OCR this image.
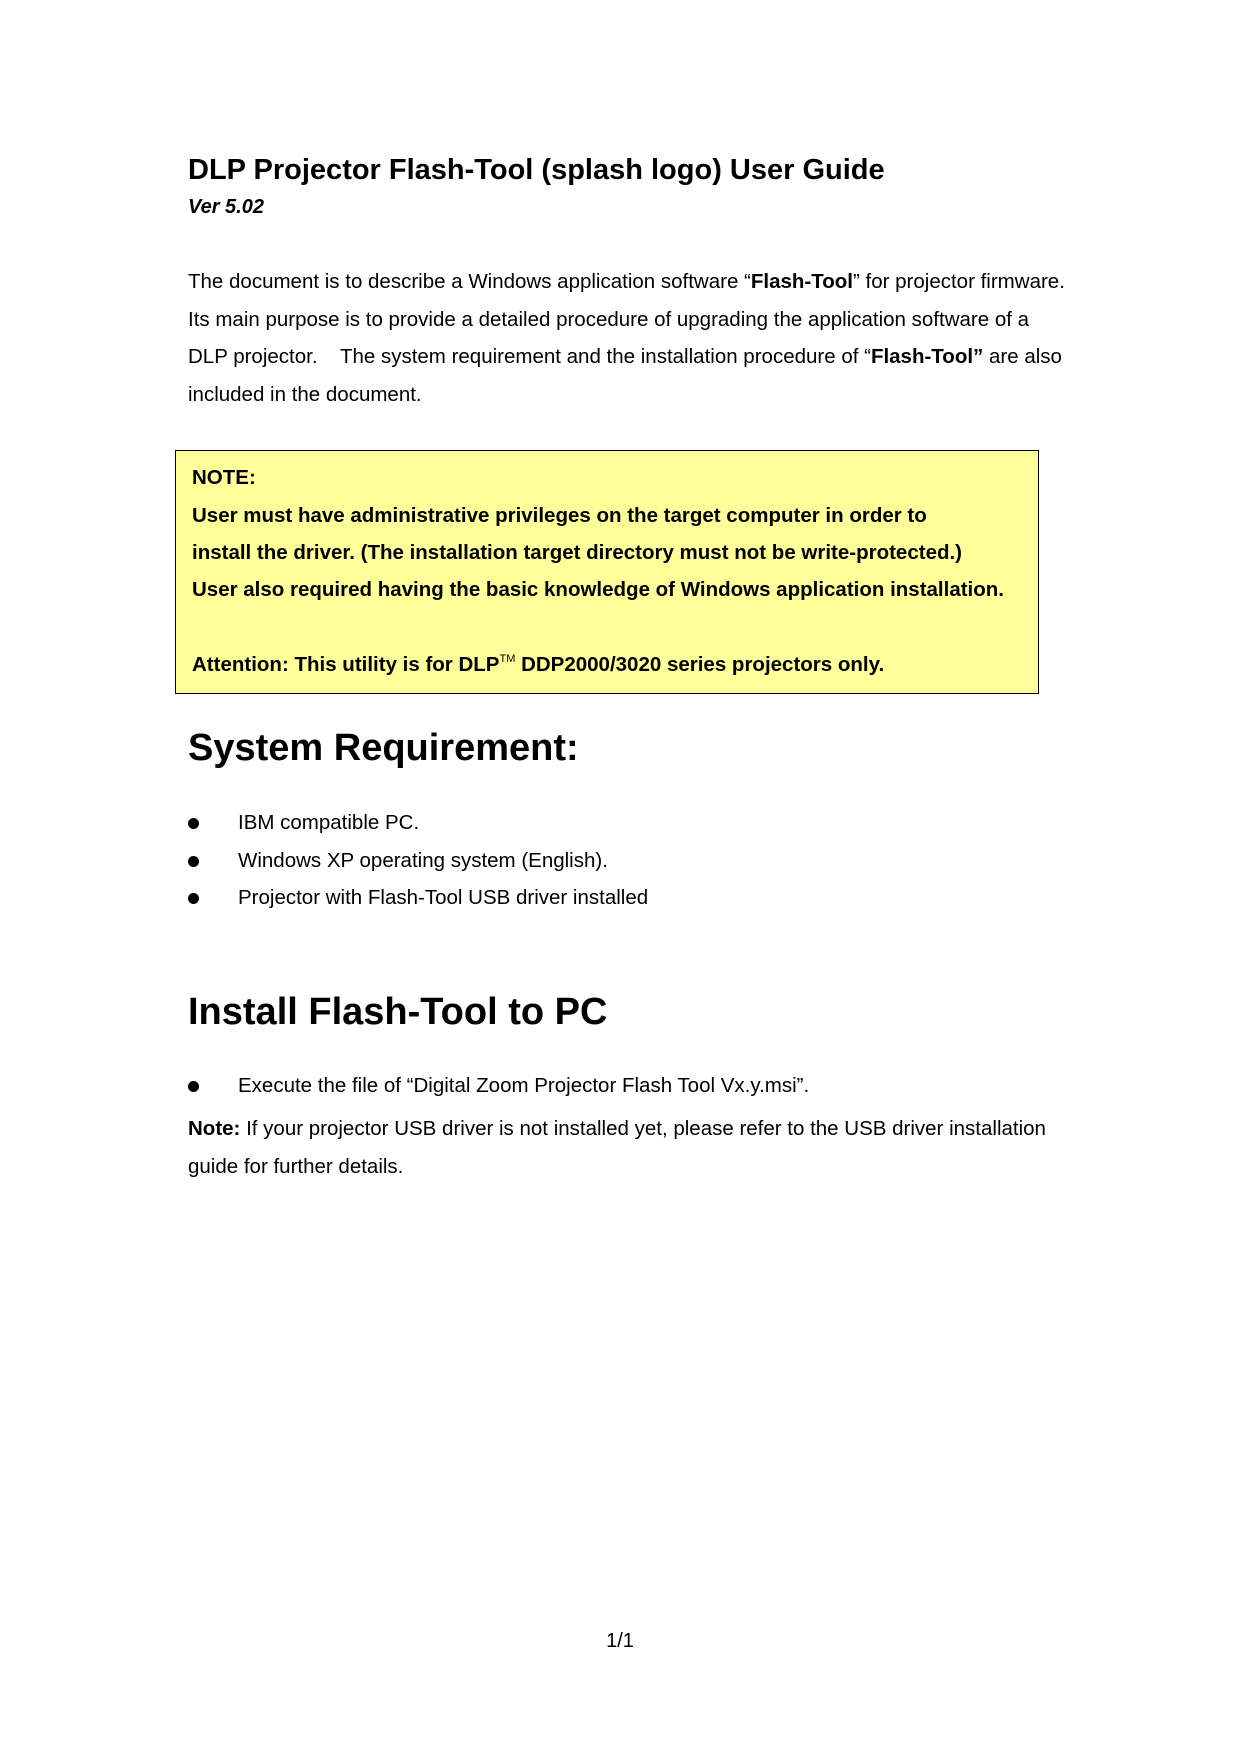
DLP Projector Flash-Tool (splash logo) User Guide

Ver 5.02

The document is to describe a Windows application software “Flash-Tool” for projector firmware. Its main purpose is to provide a detailed procedure of upgrading the application software of a DLP projector.    The system requirement and the installation procedure of “Flash-Tool” are also included in the document.

NOTE:

User must have administrative privileges on the target computer in order to

install the driver. (The installation target directory must not be write-protected.)

User also required having the basic knowledge of Windows application installation.

Attention: This utility is for DLP™ DDP2000/3020 series projectors only.

System Requirement:
IBM compatible PC.
Windows XP operating system (English).
Projector with Flash-Tool USB driver installed
Install Flash-Tool to PC
Execute the file of “Digital Zoom Projector Flash Tool Vx.y.msi”.

Note: If your projector USB driver is not installed yet, please refer to the USB driver installation guide for further details.

1/1
